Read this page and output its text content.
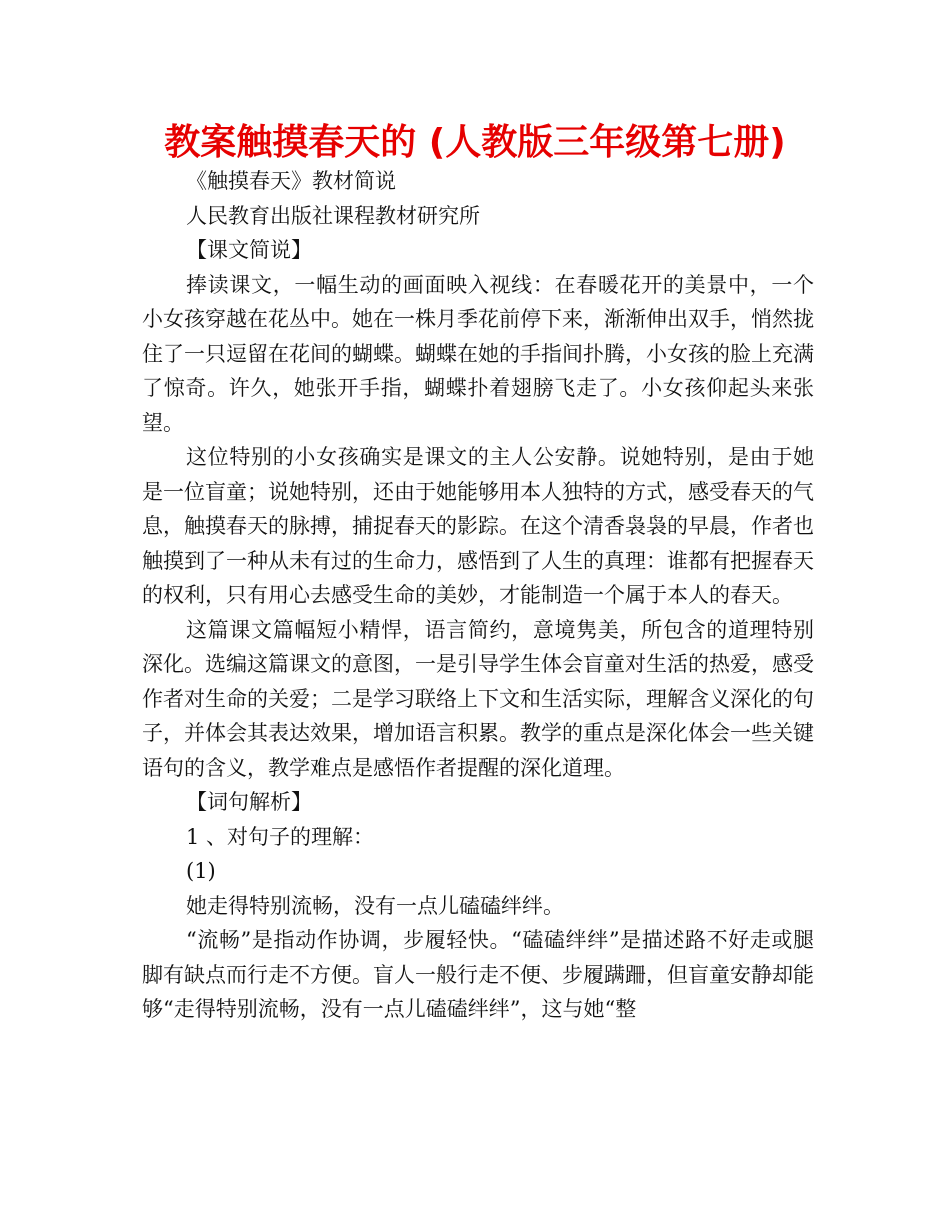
教案触摸春天的 (人教版三年级第七册)

《触摸春天》教材简说

人民教育出版社课程教材研究所

【课文简说】

捧读课文，一幅生动的画面映入视线：在春暖花开的美景中，一个小女孩穿越在花丛中。她在一株月季花前停下来，渐渐伸出双手，悄然拢住了一只逗留在花间的蝴蝶。蝴蝶在她的手指间扑腾，小女孩的脸上充满了惊奇。许久，她张开手指，蝴蝶扑着翅膀飞走了。小女孩仰起头来张望。

这位特别的小女孩确实是课文的主人公安静。说她特别，是由于她是一位盲童；说她特别，还由于她能够用本人独特的方式，感受春天的气息，触摸春天的脉搏，捕捉春天的影踪。在这个清香袅袅的早晨，作者也触摸到了一种从未有过的生命力，感悟到了人生的真理：谁都有把握春天的权利，只有用心去感受生命的美妙，才能制造一个属于本人的春天。

这篇课文篇幅短小精悍，语言简约，意境隽美，所包含的道理特别深化。选编这篇课文的意图，一是引导学生体会盲童对生活的热爱，感受作者对生命的关爱；二是学习联络上下文和生活实际，理解含义深化的句子，并体会其表达效果，增加语言积累。教学的重点是深化体会一些关键语句的含义，教学难点是感悟作者提醒的深化道理。

【词句解析】

1 、对句子的理解：

(1)

她走得特别流畅，没有一点儿磕磕绊绊。

“流畅”是指动作协调，步履轻快。“磕磕绊绊”是描述路不好走或腿脚有缺点而行走不方便。盲人一般行走不便、步履蹒跚，但盲童安静却能够“走得特别流畅，没有一点儿磕磕绊绊”，这与她“整
